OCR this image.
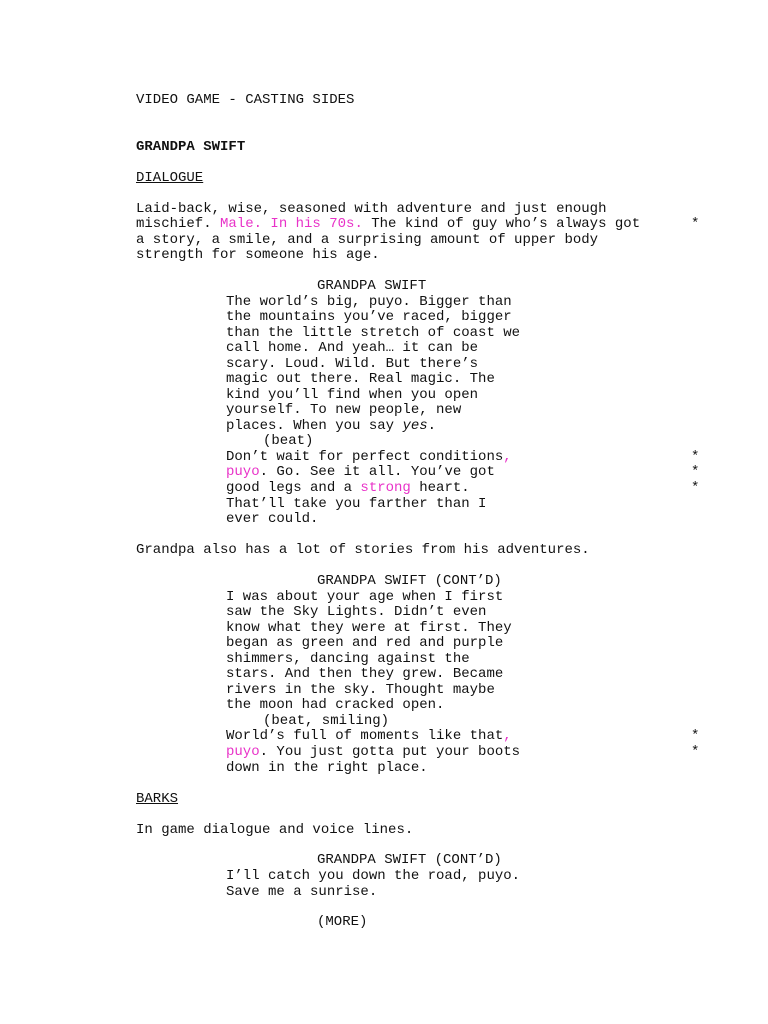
VIDEO GAME - CASTING SIDES
GRANDPA SWIFT
DIALOGUE
Laid-back, wise, seasoned with adventure and just enough
mischief. Male. In his 70s. The kind of guy who’s always got
a story, a smile, and a surprising amount of upper body
strength for someone his age.
*
GRANDPA SWIFT
The world’s big, puyo. Bigger than
the mountains you’ve raced, bigger
than the little stretch of coast we
call home. And yeah… it can be
scary. Loud. Wild. But there’s
magic out there. Real magic. The
kind you’ll find when you open
yourself. To new people, new
places. When you say yes.
(beat)
Don’t wait for perfect conditions,
puyo. Go. See it all. You’ve got
good legs and a strong heart.
That’ll take you farther than I
ever could.
*
*
*
Grandpa also has a lot of stories from his adventures.
GRANDPA SWIFT (CONT’D)
I was about your age when I first
saw the Sky Lights. Didn’t even
know what they were at first. They
began as green and red and purple
shimmers, dancing against the
stars. And then they grew. Became
rivers in the sky. Thought maybe
the moon had cracked open.
(beat, smiling)
World’s full of moments like that,
puyo. You just gotta put your boots
down in the right place.
*
*
BARKS
In game dialogue and voice lines.
GRANDPA SWIFT (CONT’D)
I’ll catch you down the road, puyo.
Save me a sunrise.
(MORE)
